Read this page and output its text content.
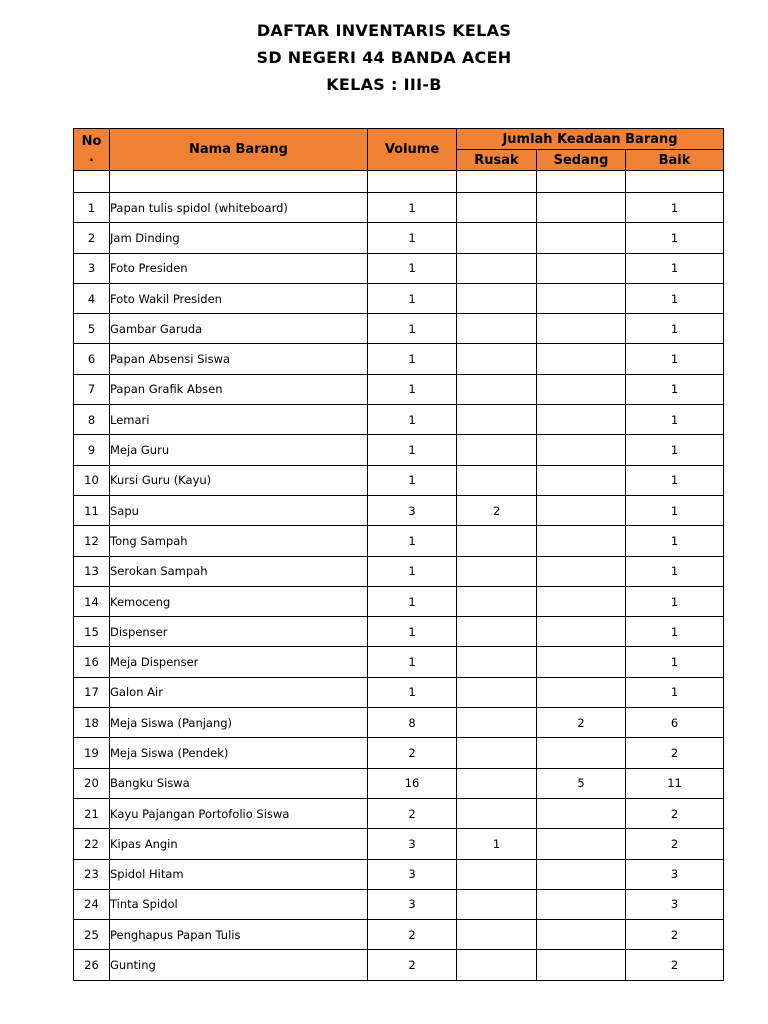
DAFTAR INVENTARIS KELAS
SD NEGERI 44 BANDA ACEH
KELAS : III-B
No
.	Nama Barang	Volume	Jumlah Keadaan Barang		
			Rusak	Sedang	Baik

1	Papan tulis spidol (whiteboard)	1			1
2	Jam Dinding	1			1
3	Foto Presiden	1			1
4	Foto Wakil Presiden	1			1
5	Gambar Garuda	1			1
6	Papan Absensi Siswa	1			1
7	Papan Grafik Absen	1			1
8	Lemari	1			1
9	Meja Guru	1			1
10	Kursi Guru (Kayu)	1			1
11	Sapu	3	2		1
12	Tong Sampah	1			1
13	Serokan Sampah	1			1
14	Kemoceng	1			1
15	Dispenser	1			1
16	Meja Dispenser	1			1
17	Galon Air	1			1
18	Meja Siswa (Panjang)	8		2	6
19	Meja Siswa (Pendek)	2			2
20	Bangku Siswa	16		5	11
21	Kayu Pajangan Portofolio Siswa	2			2
22	Kipas Angin	3	1		2
23	Spidol Hitam	3			3
24	Tinta Spidol	3			3
25	Penghapus Papan Tulis	2			2
26	Gunting	2			2
